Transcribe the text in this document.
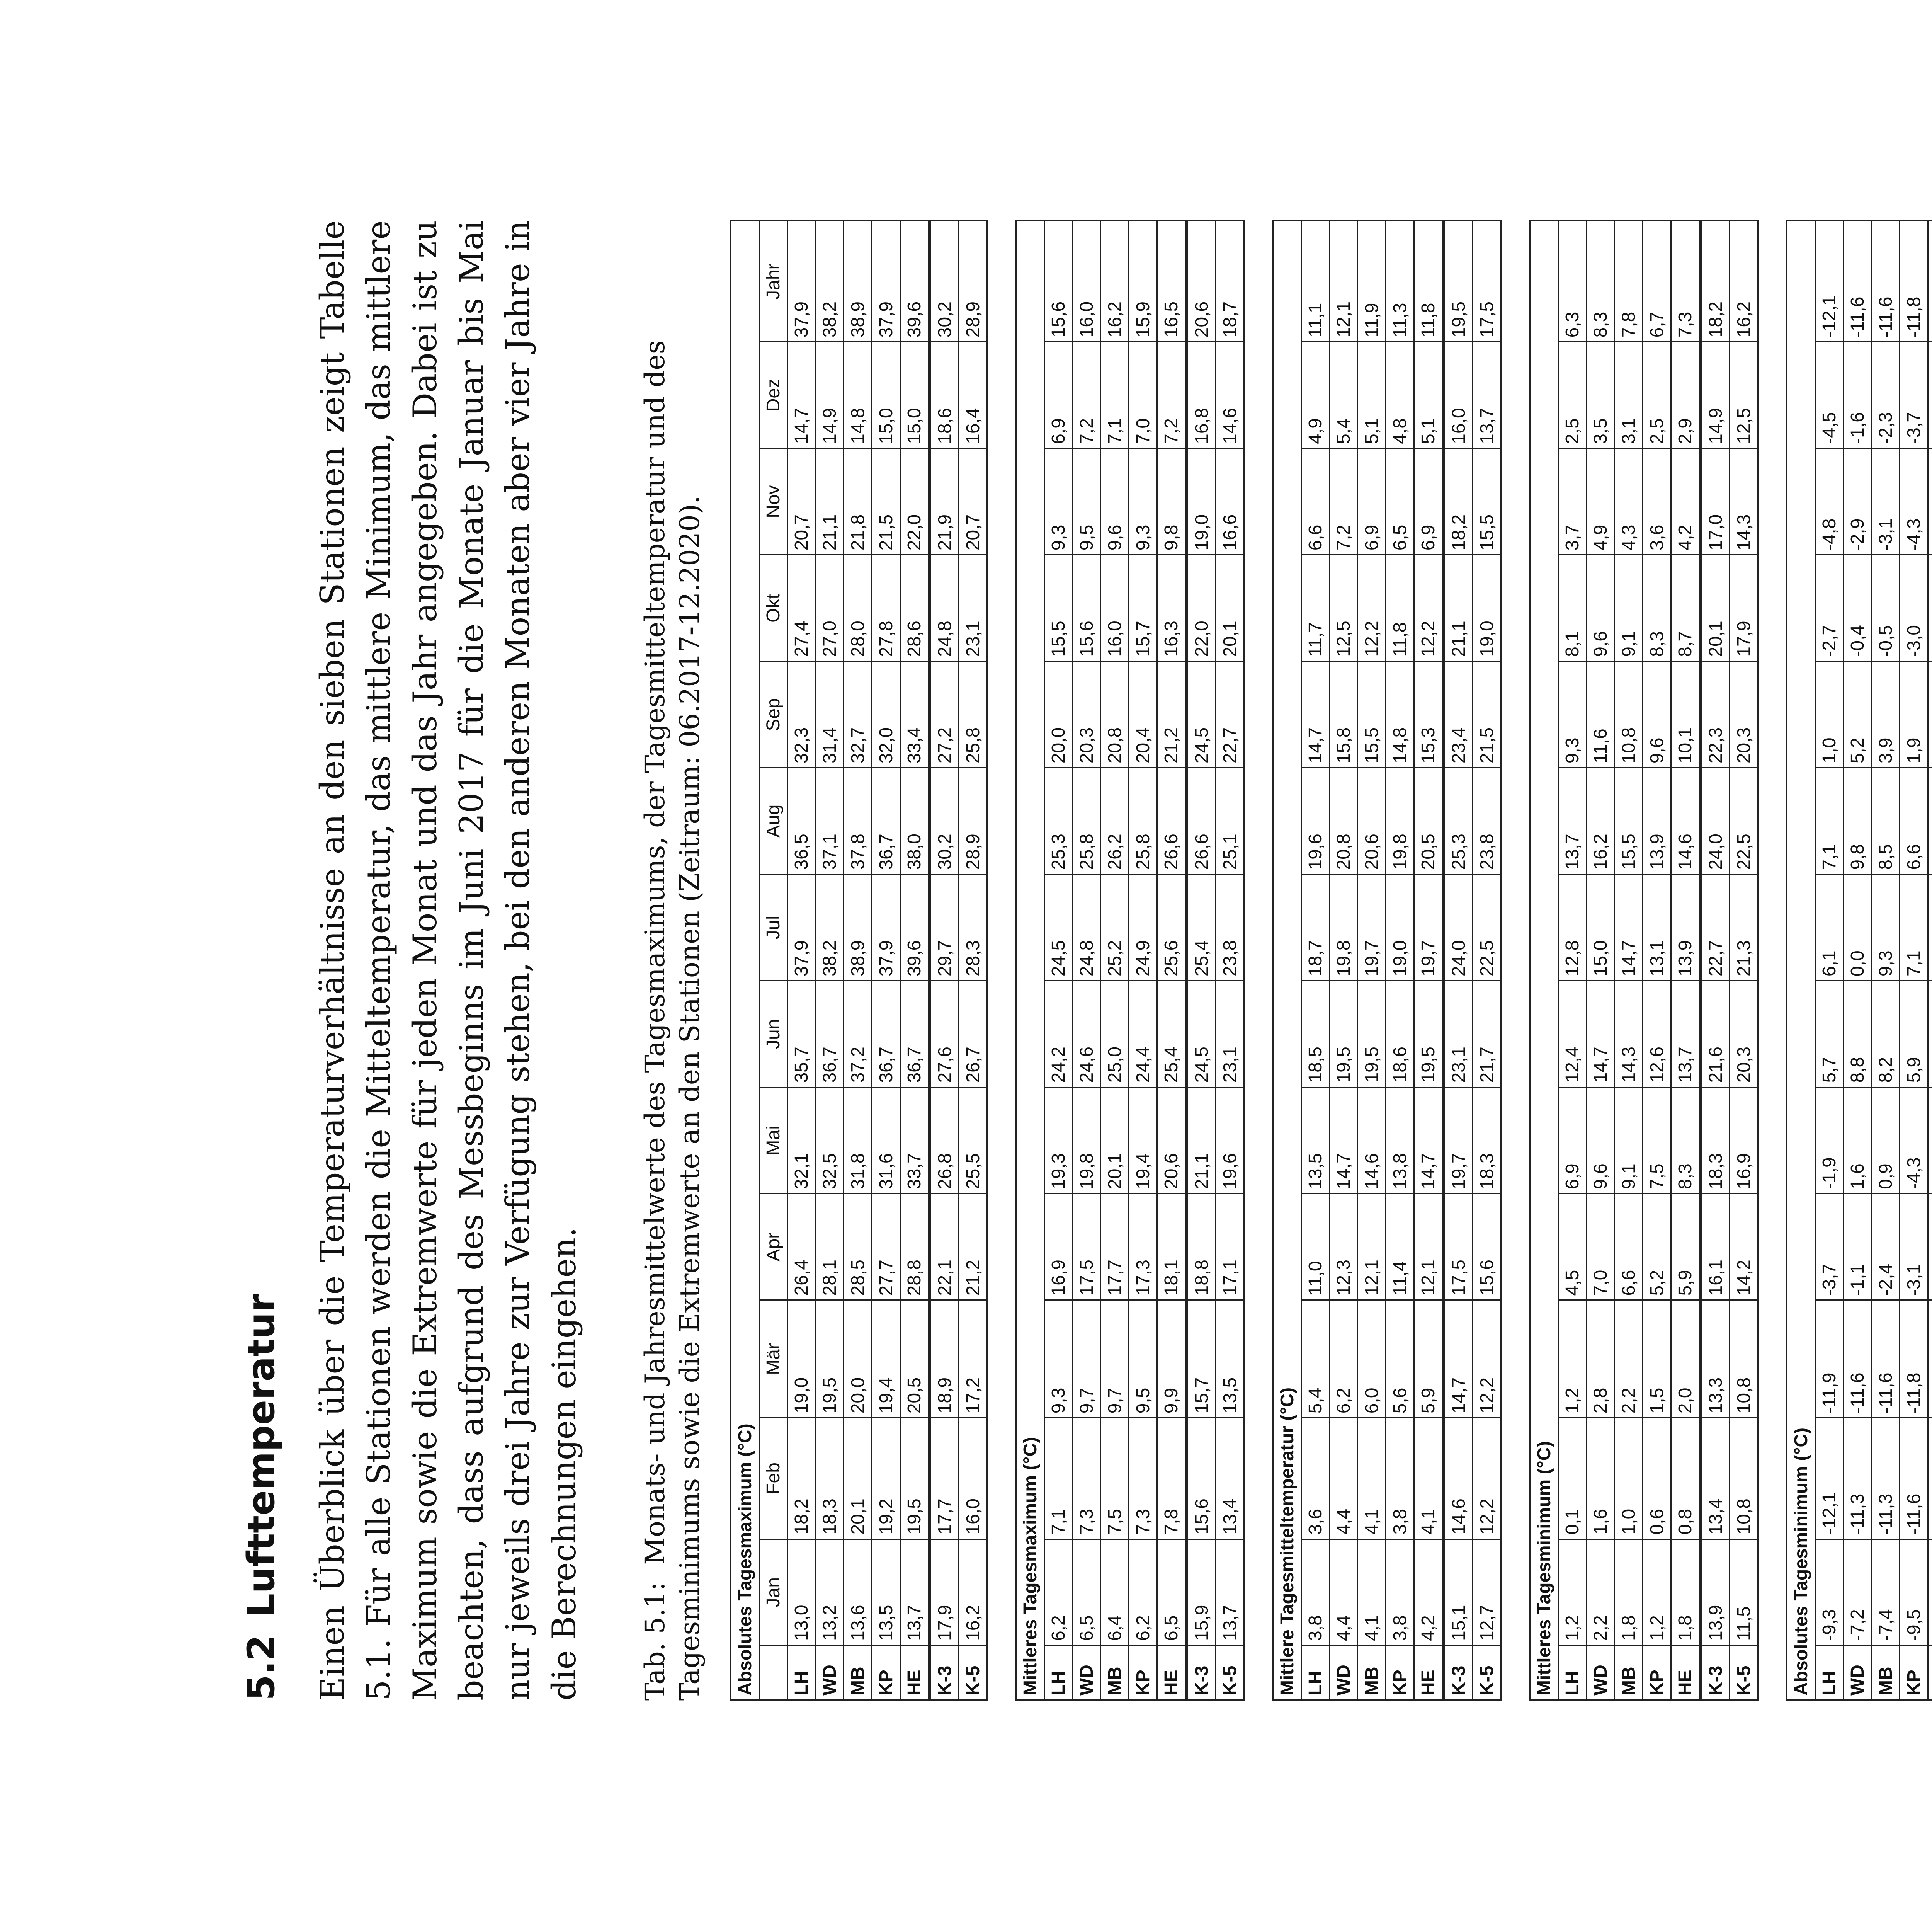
5.2Lufttemperatur Einen Überblick über die Temperaturverhältnisse an den sieben Stationen zeigt Tabelle 5.1. Für alle Stationen werden die Mitteltemperatur, das mittlere Minimum, das mittlere Maximum sowie die Extremwerte für jeden Monat und das Jahr angegeben. Dabei ist zu beachten, dass aufgrund des Messbeginns im Juni 2017 für die Monate Januar bis Mai nur jeweils drei Jahre zur Verfügung stehen, bei den anderen Monaten aber vier Jahre in die Berechnungen eingehen. Tab. 5.1:Monats- und Jahresmittelwerte des Tagesmaximums, der Tagesmitteltemperatur und des Tagesminimums sowie die Extremwerte an den Stationen (Zeitraum: 06.2017-12.2020). Absolutes Tagesmaximum (°C)													
	Jan	Feb	Mär	Apr	Mai	Jun	Jul	Aug	Sep	Okt	Nov	Dez	Jahr
LH	13,0	18,2	19,0	26,4	32,1	35,7	37,9	36,5	32,3	27,4	20,7	14,7	37,9
WD	13,2	18,3	19,5	28,1	32,5	36,7	38,2	37,1	31,4	27,0	21,1	14,9	38,2
MB	13,6	20,1	20,0	28,5	31,8	37,2	38,9	37,8	32,7	28,0	21,8	14,8	38,9
KP	13,5	19,2	19,4	27,7	31,6	36,7	37,9	36,7	32,0	27,8	21,5	15,0	37,9
HE	13,7	19,5	20,5	28,8	33,7	36,7	39,6	38,0	33,4	28,6	22,0	15,0	39,6
K-3	17,9	17,7	18,9	22,1	26,8	27,6	29,7	30,2	27,2	24,8	21,9	18,6	30,2
K-5	16,2	16,0	17,2	21,2	25,5	26,7	28,3	28,9	25,8	23,1	20,7	16,4	28,9

Mittleres Tagesmaximum (°C)													
LH	6,2	7,1	9,3	16,9	19,3	24,2	24,5	25,3	20,0	15,5	9,3	6,9	15,6
WD	6,5	7,3	9,7	17,5	19,8	24,6	24,8	25,8	20,3	15,6	9,5	7,2	16,0
MB	6,4	7,5	9,7	17,7	20,1	25,0	25,2	26,2	20,8	16,0	9,6	7,1	16,2
KP	6,2	7,3	9,5	17,3	19,4	24,4	24,9	25,8	20,4	15,7	9,3	7,0	15,9
HE	6,5	7,8	9,9	18,1	20,6	25,4	25,6	26,6	21,2	16,3	9,8	7,2	16,5
K-3	15,9	15,6	15,7	18,8	21,1	24,5	25,4	26,6	24,5	22,0	19,0	16,8	20,6
K-5	13,7	13,4	13,5	17,1	19,6	23,1	23,8	25,1	22,7	20,1	16,6	14,6	18,7

Mittlere Tagesmitteltemperatur (°C)													
LH	3,8	3,6	5,4	11,0	13,5	18,5	18,7	19,6	14,7	11,7	6,6	4,9	11,1
WD	4,4	4,4	6,2	12,3	14,7	19,5	19,8	20,8	15,8	12,5	7,2	5,4	12,1
MB	4,1	4,1	6,0	12,1	14,6	19,5	19,7	20,6	15,5	12,2	6,9	5,1	11,9
KP	3,8	3,8	5,6	11,4	13,8	18,6	19,0	19,8	14,8	11,8	6,5	4,8	11,3
HE	4,2	4,1	5,9	12,1	14,7	19,5	19,7	20,5	15,3	12,2	6,9	5,1	11,8
K-3	15,1	14,6	14,7	17,5	19,7	23,1	24,0	25,3	23,4	21,1	18,2	16,0	19,5
K-5	12,7	12,2	12,2	15,6	18,3	21,7	22,5	23,8	21,5	19,0	15,5	13,7	17,5

Mittleres Tagesminimum (°C)													
LH	1,2	0,1	1,2	4,5	6,9	12,4	12,8	13,7	9,3	8,1	3,7	2,5	6,3
WD	2,2	1,6	2,8	7,0	9,6	14,7	15,0	16,2	11,6	9,6	4,9	3,5	8,3
MB	1,8	1,0	2,2	6,6	9,1	14,3	14,7	15,5	10,8	9,1	4,3	3,1	7,8
KP	1,2	0,6	1,5	5,2	7,5	12,6	13,1	13,9	9,6	8,3	3,6	2,5	6,7
HE	1,8	0,8	2,0	5,9	8,3	13,7	13,9	14,6	10,1	8,7	4,2	2,9	7,3
K-3	13,9	13,4	13,3	16,1	18,3	21,6	22,7	24,0	22,3	20,1	17,0	14,9	18,2
K-5	11,5	10,8	10,8	14,2	16,9	20,3	21,3	22,5	20,3	17,9	14,3	12,5	16,2

Absolutes Tagesminimum (°C)													
LH	-9,3	-12,1	-11,9	-3,7	-1,9	5,7	6,1	7,1	1,0	-2,7	-4,8	-4,5	-12,1
WD	-7,2	-11,3	-11,6	-1,1	1,6	8,8	0,0	9,8	5,2	-0,4	-2,9	-1,6	-11,6
MB	-7,4	-11,3	-11,6	-2,4	0,9	8,2	9,3	8,5	3,9	-0,5	-3,1	-2,3	-11,6
KP	-9,5	-11,6	-11,8	-3,1	-4,3	5,9	7,1	6,6	1,9	-3,0	-4,3	-3,7	-11,8
